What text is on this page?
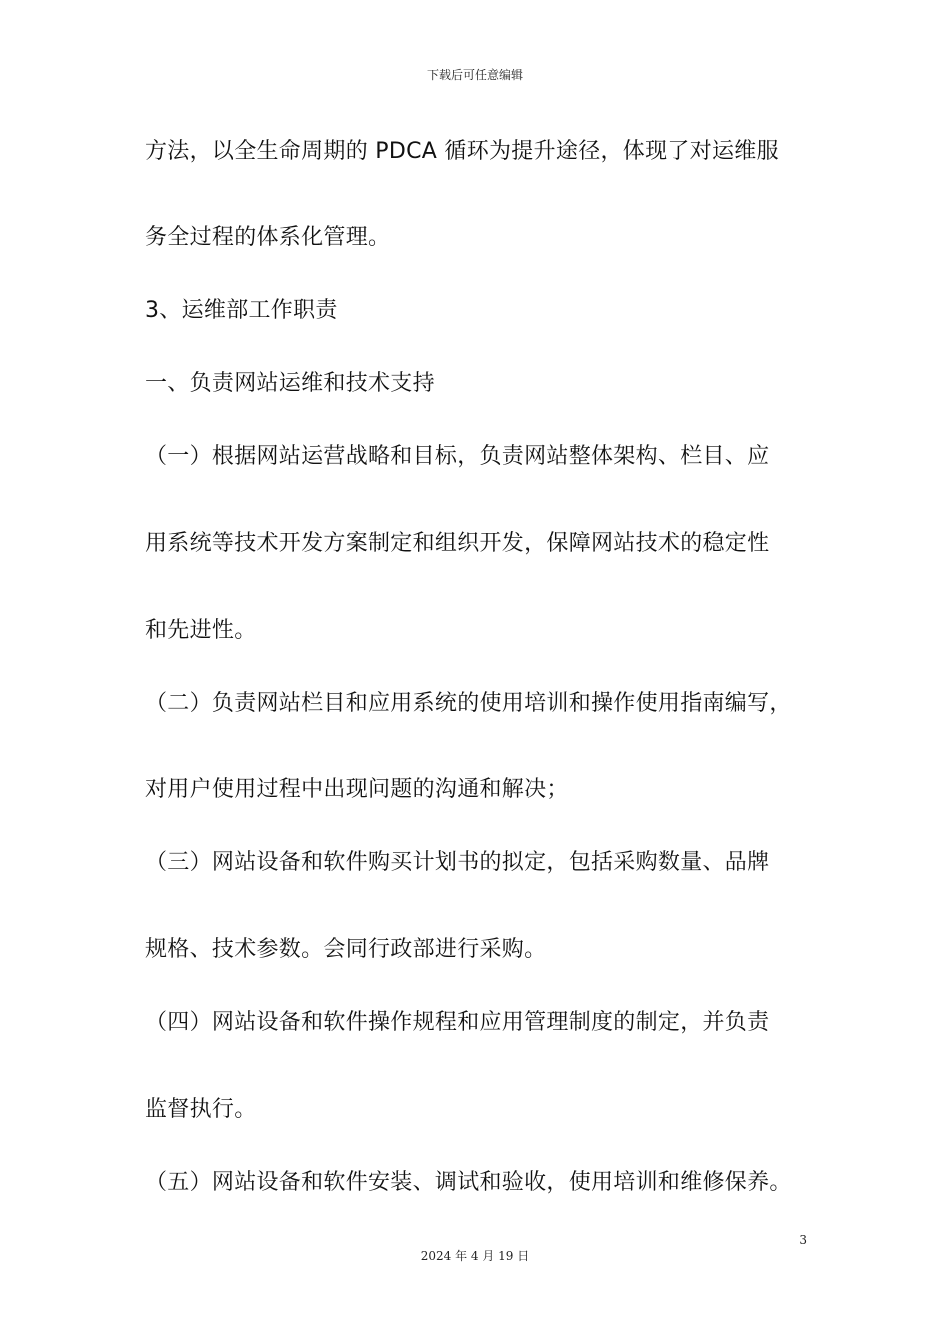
下载后可任意编辑
方法，以全生命周期的 PDCA 循环为提升途径，体现了对运维服
务全过程的体系化管理。
3、运维部工作职责
一、负责网站运维和技术支持
（一）根据网站运营战略和目标，负责网站整体架构、栏目、应
用系统等技术开发方案制定和组织开发，保障网站技术的稳定性
和先进性。
（二）负责网站栏目和应用系统的使用培训和操作使用指南编写，
对用户使用过程中出现问题的沟通和解决；
（三）网站设备和软件购买计划书的拟定，包括采购数量、品牌
规格、技术参数。会同行政部进行采购。
（四）网站设备和软件操作规程和应用管理制度的制定，并负责
监督执行。
（五）网站设备和软件安装、调试和验收，使用培训和维修保养。
3
2024 年 4 月 19 日
